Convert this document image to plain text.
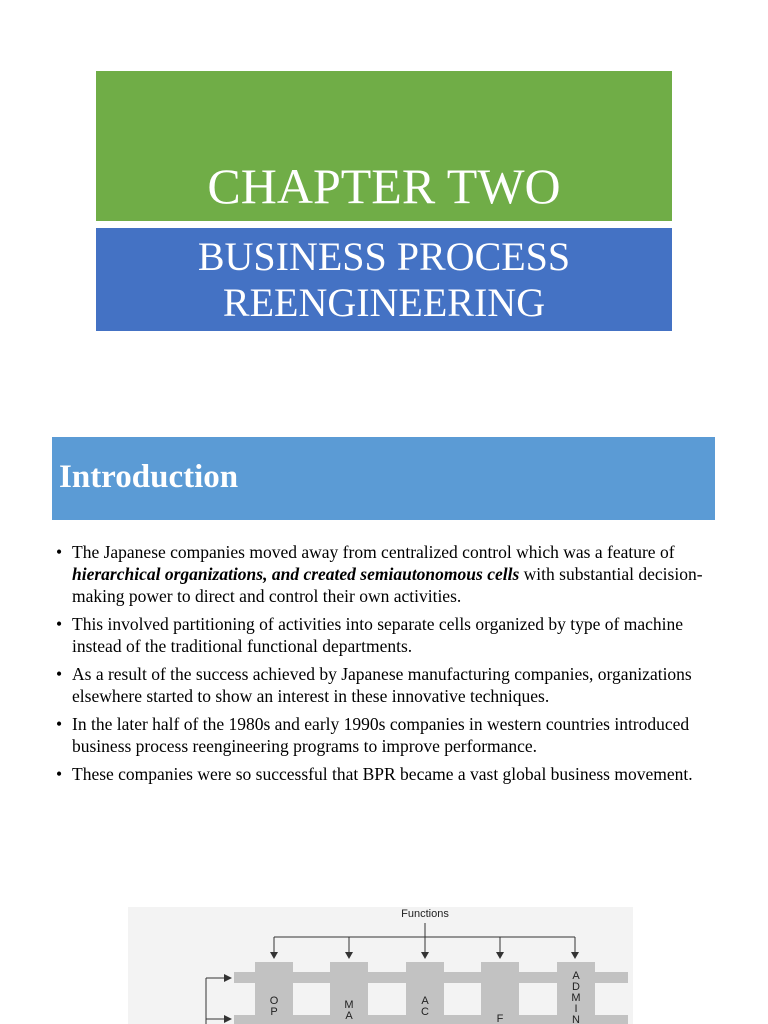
CHAPTER TWO
BUSINESS PROCESS
REENGINEERING
Introduction
• The Japanese companies moved away from centralized control which was a feature of hierarchical organizations, and created semiautonomous cells with substantial decision-making power to direct and control their own activities.
• This involved partitioning of activities into separate cells organized by type of machine instead of the traditional functional departments.
• As a result of the success achieved by Japanese manufacturing companies, organizations elsewhere started to show an interest in these innovative techniques.
• In the later half of the 1980s and early 1990s companies in western countries introduced business process reengineering programs to improve performance.
• These companies were so successful that BPR became a vast global business movement.
Functions
O
P
M
A
A
C
F
A
D
M
I
N
